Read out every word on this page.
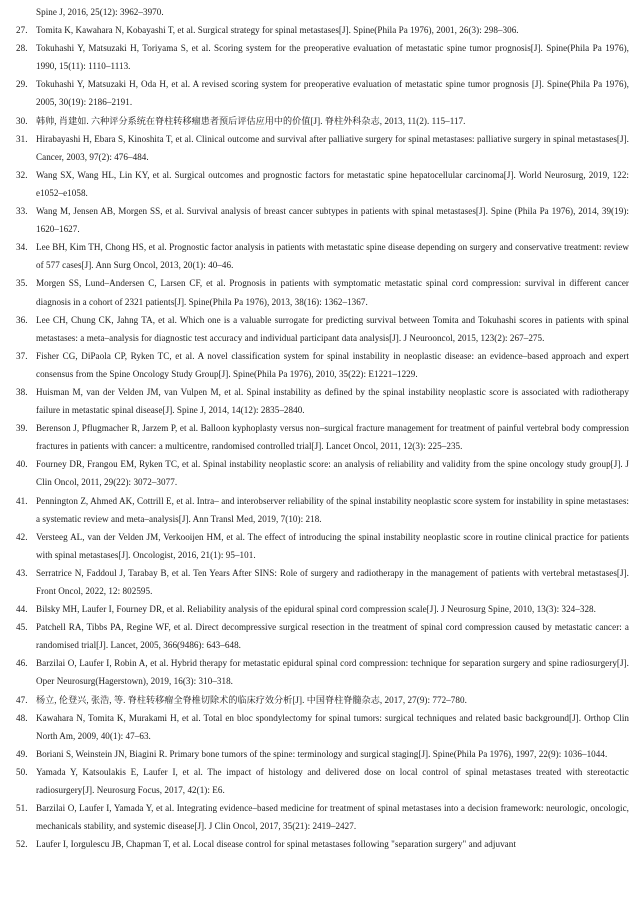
Spine J, 2016, 25(12): 3962–3970.
27. Tomita K, Kawahara N, Kobayashi T, et al. Surgical strategy for spinal metastases[J]. Spine(Phila Pa 1976), 2001, 26(3): 298–306.
28. Tokuhashi Y, Matsuzaki H, Toriyama S, et al. Scoring system for the preoperative evaluation of metastatic spine tumor prognosis[J]. Spine(Phila Pa 1976), 1990, 15(11): 1110–1113.
29. Tokuhashi Y, Matsuzaki H, Oda H, et al. A revised scoring system for preoperative evaluation of metastatic spine tumor prognosis [J]. Spine(Phila Pa 1976), 2005, 30(19): 2186–2191.
30. 韩帅, 肖建如. 六种评分系统在脊柱转移瘤患者预后评估应用中的价值[J]. 脊柱外科杂志, 2013, 11(2). 115–117.
31. Hirabayashi H, Ebara S, Kinoshita T, et al. Clinical outcome and survival after palliative surgery for spinal metastases: palliative surgery in spinal metastases[J]. Cancer, 2003, 97(2): 476–484.
32. Wang SX, Wang HL, Lin KY, et al. Surgical outcomes and prognostic factors for metastatic spine hepatocellular carcinoma[J]. World Neurosurg, 2019, 122: e1052–e1058.
33. Wang M, Jensen AB, Morgen SS, et al. Survival analysis of breast cancer subtypes in patients with spinal metastases[J]. Spine (Phila Pa 1976), 2014, 39(19): 1620–1627.
34. Lee BH, Kim TH, Chong HS, et al. Prognostic factor analysis in patients with metastatic spine disease depending on surgery and conservative treatment: review of 577 cases[J]. Ann Surg Oncol, 2013, 20(1): 40–46.
35. Morgen SS, Lund–Andersen C, Larsen CF, et al. Prognosis in patients with symptomatic metastatic spinal cord compression: survival in different cancer diagnosis in a cohort of 2321 patients[J]. Spine(Phila Pa 1976), 2013, 38(16): 1362–1367.
36. Lee CH, Chung CK, Jahng TA, et al. Which one is a valuable surrogate for predicting survival between Tomita and Tokuhashi scores in patients with spinal metastases: a meta–analysis for diagnostic test accuracy and individual participant data analysis[J]. J Neurooncol, 2015, 123(2): 267–275.
37. Fisher CG, DiPaola CP, Ryken TC, et al. A novel classification system for spinal instability in neoplastic disease: an evidence–based approach and expert consensus from the Spine Oncology Study Group[J]. Spine(Phila Pa 1976), 2010, 35(22): E1221–1229.
38. Huisman M, van der Velden JM, van Vulpen M, et al. Spinal instability as defined by the spinal instability neoplastic score is associated with radiotherapy failure in metastatic spinal disease[J]. Spine J, 2014, 14(12): 2835–2840.
39. Berenson J, Pflugmacher R, Jarzem P, et al. Balloon kyphoplasty versus non–surgical fracture management for treatment of painful vertebral body compression fractures in patients with cancer: a multicentre, randomised controlled trial[J]. Lancet Oncol, 2011, 12(3): 225–235.
40. Fourney DR, Frangou EM, Ryken TC, et al. Spinal instability neoplastic score: an analysis of reliability and validity from the spine oncology study group[J]. J Clin Oncol, 2011, 29(22): 3072–3077.
41. Pennington Z, Ahmed AK, Cottrill E, et al. Intra– and interobserver reliability of the spinal instability neoplastic score system for instability in spine metastases: a systematic review and meta–analysis[J]. Ann Transl Med, 2019, 7(10): 218.
42. Versteeg AL, van der Velden JM, Verkooijen HM, et al. The effect of introducing the spinal instability neoplastic score in routine clinical practice for patients with spinal metastases[J]. Oncologist, 2016, 21(1): 95–101.
43. Serratrice N, Faddoul J, Tarabay B, et al. Ten Years After SINS: Role of surgery and radiotherapy in the management of patients with vertebral metastases[J]. Front Oncol, 2022, 12: 802595.
44. Bilsky MH, Laufer I, Fourney DR, et al. Reliability analysis of the epidural spinal cord compression scale[J]. J Neurosurg Spine, 2010, 13(3): 324–328.
45. Patchell RA, Tibbs PA, Regine WF, et al. Direct decompressive surgical resection in the treatment of spinal cord compression caused by metastatic cancer: a randomised trial[J]. Lancet, 2005, 366(9486): 643–648.
46. Barzilai O, Laufer I, Robin A, et al. Hybrid therapy for metastatic epidural spinal cord compression: technique for separation surgery and spine radiosurgery[J]. Oper Neurosurg(Hagerstown), 2019, 16(3): 310–318.
47. 杨立, 伦登兴, 张浩, 等. 脊柱转移瘤全脊椎切除术的临床疗效分析[J]. 中国脊柱脊髓杂志, 2017, 27(9): 772–780.
48. Kawahara N, Tomita K, Murakami H, et al. Total en bloc spondylectomy for spinal tumors: surgical techniques and related basic background[J]. Orthop Clin North Am, 2009, 40(1): 47–63.
49. Boriani S, Weinstein JN, Biagini R. Primary bone tumors of the spine: terminology and surgical staging[J]. Spine(Phila Pa 1976), 1997, 22(9): 1036–1044.
50. Yamada Y, Katsoulakis E, Laufer I, et al. The impact of histology and delivered dose on local control of spinal metastases treated with stereotactic radiosurgery[J]. Neurosurg Focus, 2017, 42(1): E6.
51. Barzilai O, Laufer I, Yamada Y, et al. Integrating evidence–based medicine for treatment of spinal metastases into a decision framework: neurologic, oncologic, mechanicals stability, and systemic disease[J]. J Clin Oncol, 2017, 35(21): 2419–2427.
52. Laufer I, Iorgulescu JB, Chapman T, et al. Local disease control for spinal metastases following "separation surgery" and adjuvant
